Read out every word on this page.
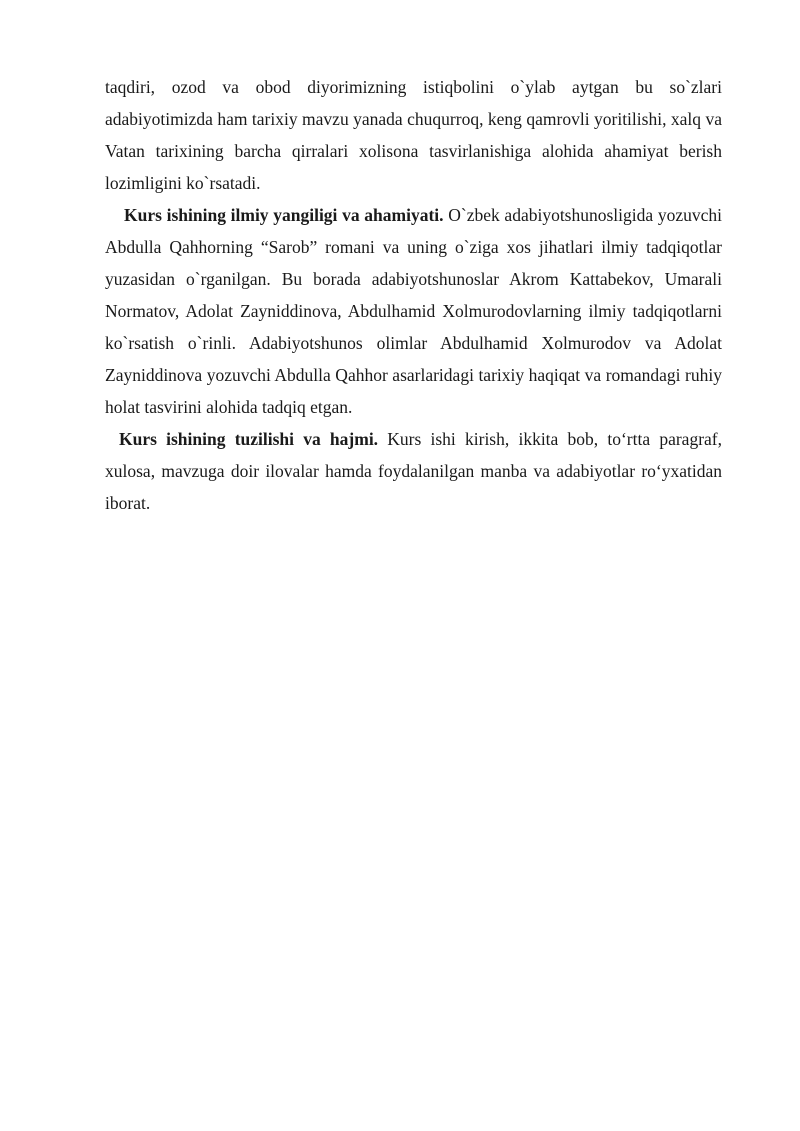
taqdiri, ozod va obod diyorimizning istiqbolini o`ylab aytgan bu so`zlari adabiyotimizda ham tarixiy mavzu yanada chuqurroq, keng qamrovli yoritilishi, xalq va Vatan tarixining barcha qirralari xolisona tasvirlanishiga alohida ahamiyat berish lozimligini ko`rsatadi.

Kurs ishining ilmiy yangiligi va ahamiyati. O`zbek adabiyotshunosligida yozuvchi Abdulla Qahhorning “Sarob” romani va uning o`ziga xos jihatlari ilmiy tadqiqotlar yuzasidan o`rganilgan. Bu borada adabiyotshunoslar Akrom Kattabekov, Umarali Normatov, Adolat Zayniddinova, Abdulhamid Xolmurodovlarning ilmiy tadqiqotlarni ko`rsatish o`rinli. Adabiyotshunos olimlar Abdulhamid Xolmurodov va Adolat Zayniddinova yozuvchi Abdulla Qahhor asarlaridagi tarixiy haqiqat va romandagi ruhiy holat tasvirini alohida tadqiq etgan.

Kurs ishining tuzilishi va hajmi. Kurs ishi kirish, ikkita bob, to‘rtta paragraf, xulosa, mavzuga doir ilovalar hamda foydalanilgan manba va adabiyotlar ro‘yxatidan iborat.
